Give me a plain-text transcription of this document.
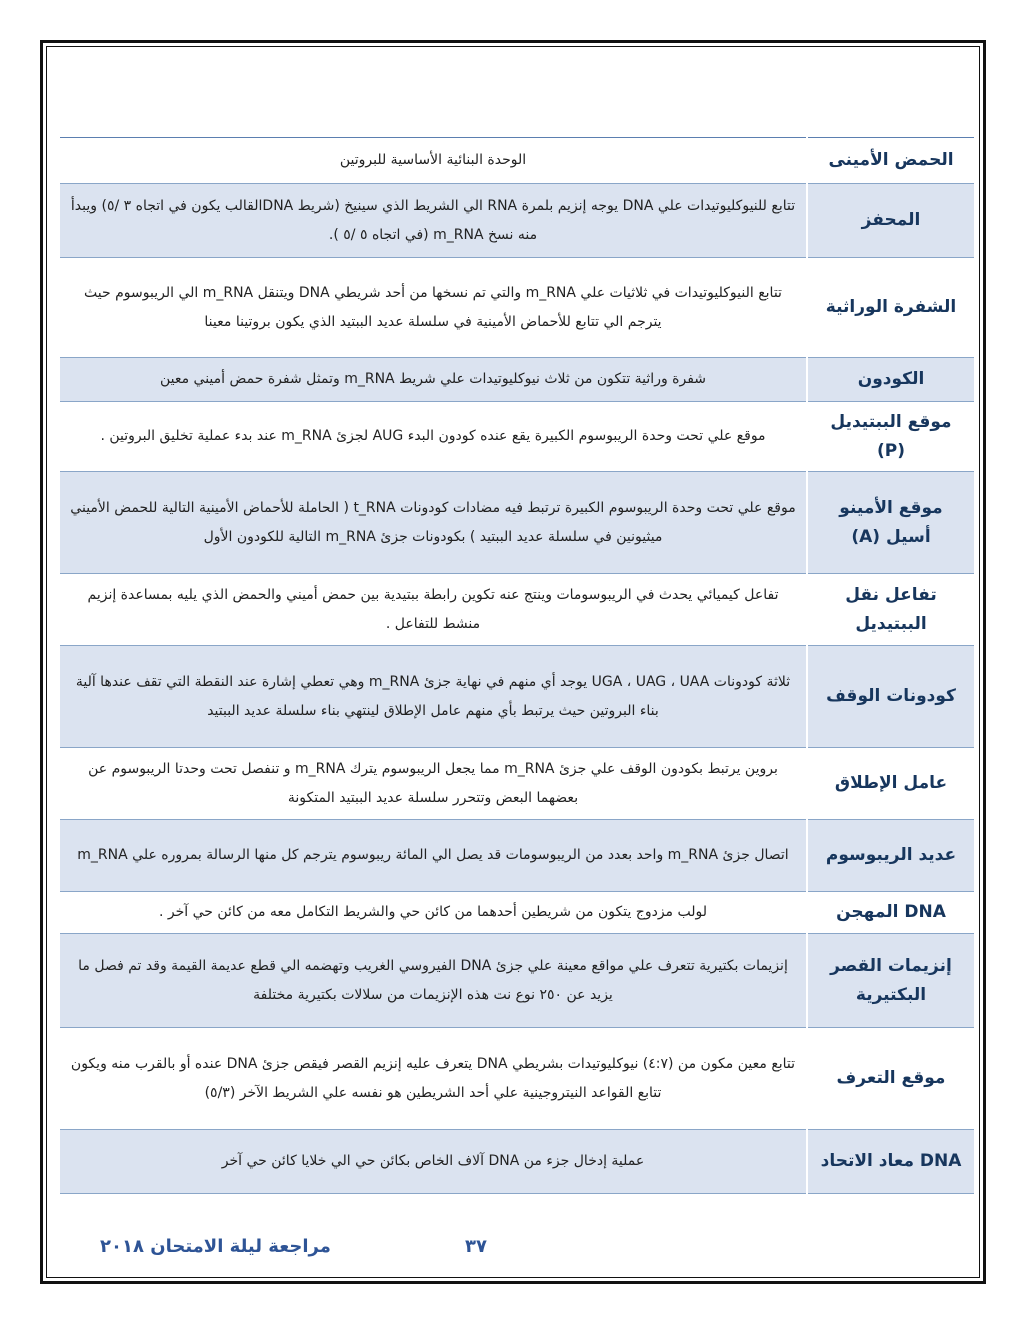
الحمض الأمينى	الوحدة البنائية الأساسية للبروتين
المحفز	تتابع للنيوكليوتيدات علي DNA يوجه إنزيم بلمرة RNA الي الشريط الذي سينيخ (شريط DNAالقالب يكون في اتجاه ٣ /٥) ويبدأ منه نسخ m_RNA (في اتجاه ٥ /٥ ).
الشفرة الوراثية	تتابع النيوكليوتيدات في ثلاثيات علي m_RNA والتي تم نسخها من أحد شريطي DNA ويتنقل m_RNA الي الريبوسوم حيث يترجم الي تتابع للأحماض الأمينية في سلسلة عديد الببتيد الذي يكون بروتينا معينا
الكودون	شفرة وراثية تتكون من ثلاث نيوكليوتيدات علي شريط m_RNA وتمثل شفرة حمض أميني معين
موقع الببتيديل (P)	موقع علي تحت وحدة الريبوسوم الكبيرة يقع عنده كودون البدء AUG لجزئ m_RNA عند بدء عملية تخليق البروتين .
موقع الأمينو أسيل (A)	موقع علي تحت وحدة الريبوسوم الكبيرة ترتبط فيه مضادات كودونات t_RNA ( الحاملة للأحماض الأمينية التالية للحمض الأميني ميثيونين في سلسلة عديد الببتيد ) بكودونات جزئ m_RNA التالية للكودون الأول
تفاعل نقل الببتيديل	تفاعل كيميائي يحدث في الريبوسومات وينتج عنه تكوين رابطة ببتيدية بين حمض أميني والحمض الذي يليه بمساعدة إنزيم منشط للتفاعل .
كودونات الوقف	ثلاثة كودونات UGA ، UAG ، UAA يوجد أي منهم في نهاية جزئ m_RNA وهي تعطي إشارة عند النقطة التي تقف عندها آلية بناء البروتين حيث يرتبط بأي منهم عامل الإطلاق لينتهي بناء سلسلة عديد الببتيد
عامل الإطلاق	بروين يرتبط بكودون الوقف علي جزئ m_RNA مما يجعل الريبوسوم يترك m_RNA و تنفصل تحت وحدتا الريبوسوم عن بعضهما البعض وتتحرر سلسلة عديد الببتيد المتكونة
عديد الريبوسوم	اتصال جزئ m_RNA واحد بعدد من الريبوسومات قد يصل الي المائة ريبوسوم يترجم كل منها الرسالة بمروره علي m_RNA
DNA المهجن	لولب مزدوج يتكون من شريطين أحدهما من كائن حي والشريط التكامل معه من كائن حي آخر .
إنزيمات القصر البكتيرية	إنزيمات بكتيرية تتعرف علي مواقع معينة علي جزئ DNA الفيروسي الغريب وتهضمه الي قطع عديمة القيمة وقد تم فصل ما يزيد عن ٢٥٠ نوع نت هذه الإنزيمات من سلالات بكتيرية مختلفة
موقع التعرف	تتابع معين مكون من (٤:٧) نيوكليوتيدات بشريطي DNA يتعرف عليه إنزيم القصر فيقص جزئ DNA عنده أو بالقرب منه ويكون تتابع القواعد النيتروجينية علي أحد الشريطين هو نفسه علي الشريط الآخر (٥/٣)
DNA معاد الاتحاد	عملية إدخال جزء من DNA آلاف الخاص بكائن حي الي خلايا كائن حي آخر
مراجعة ليلة الامتحان ٢٠١٨	٣٧
